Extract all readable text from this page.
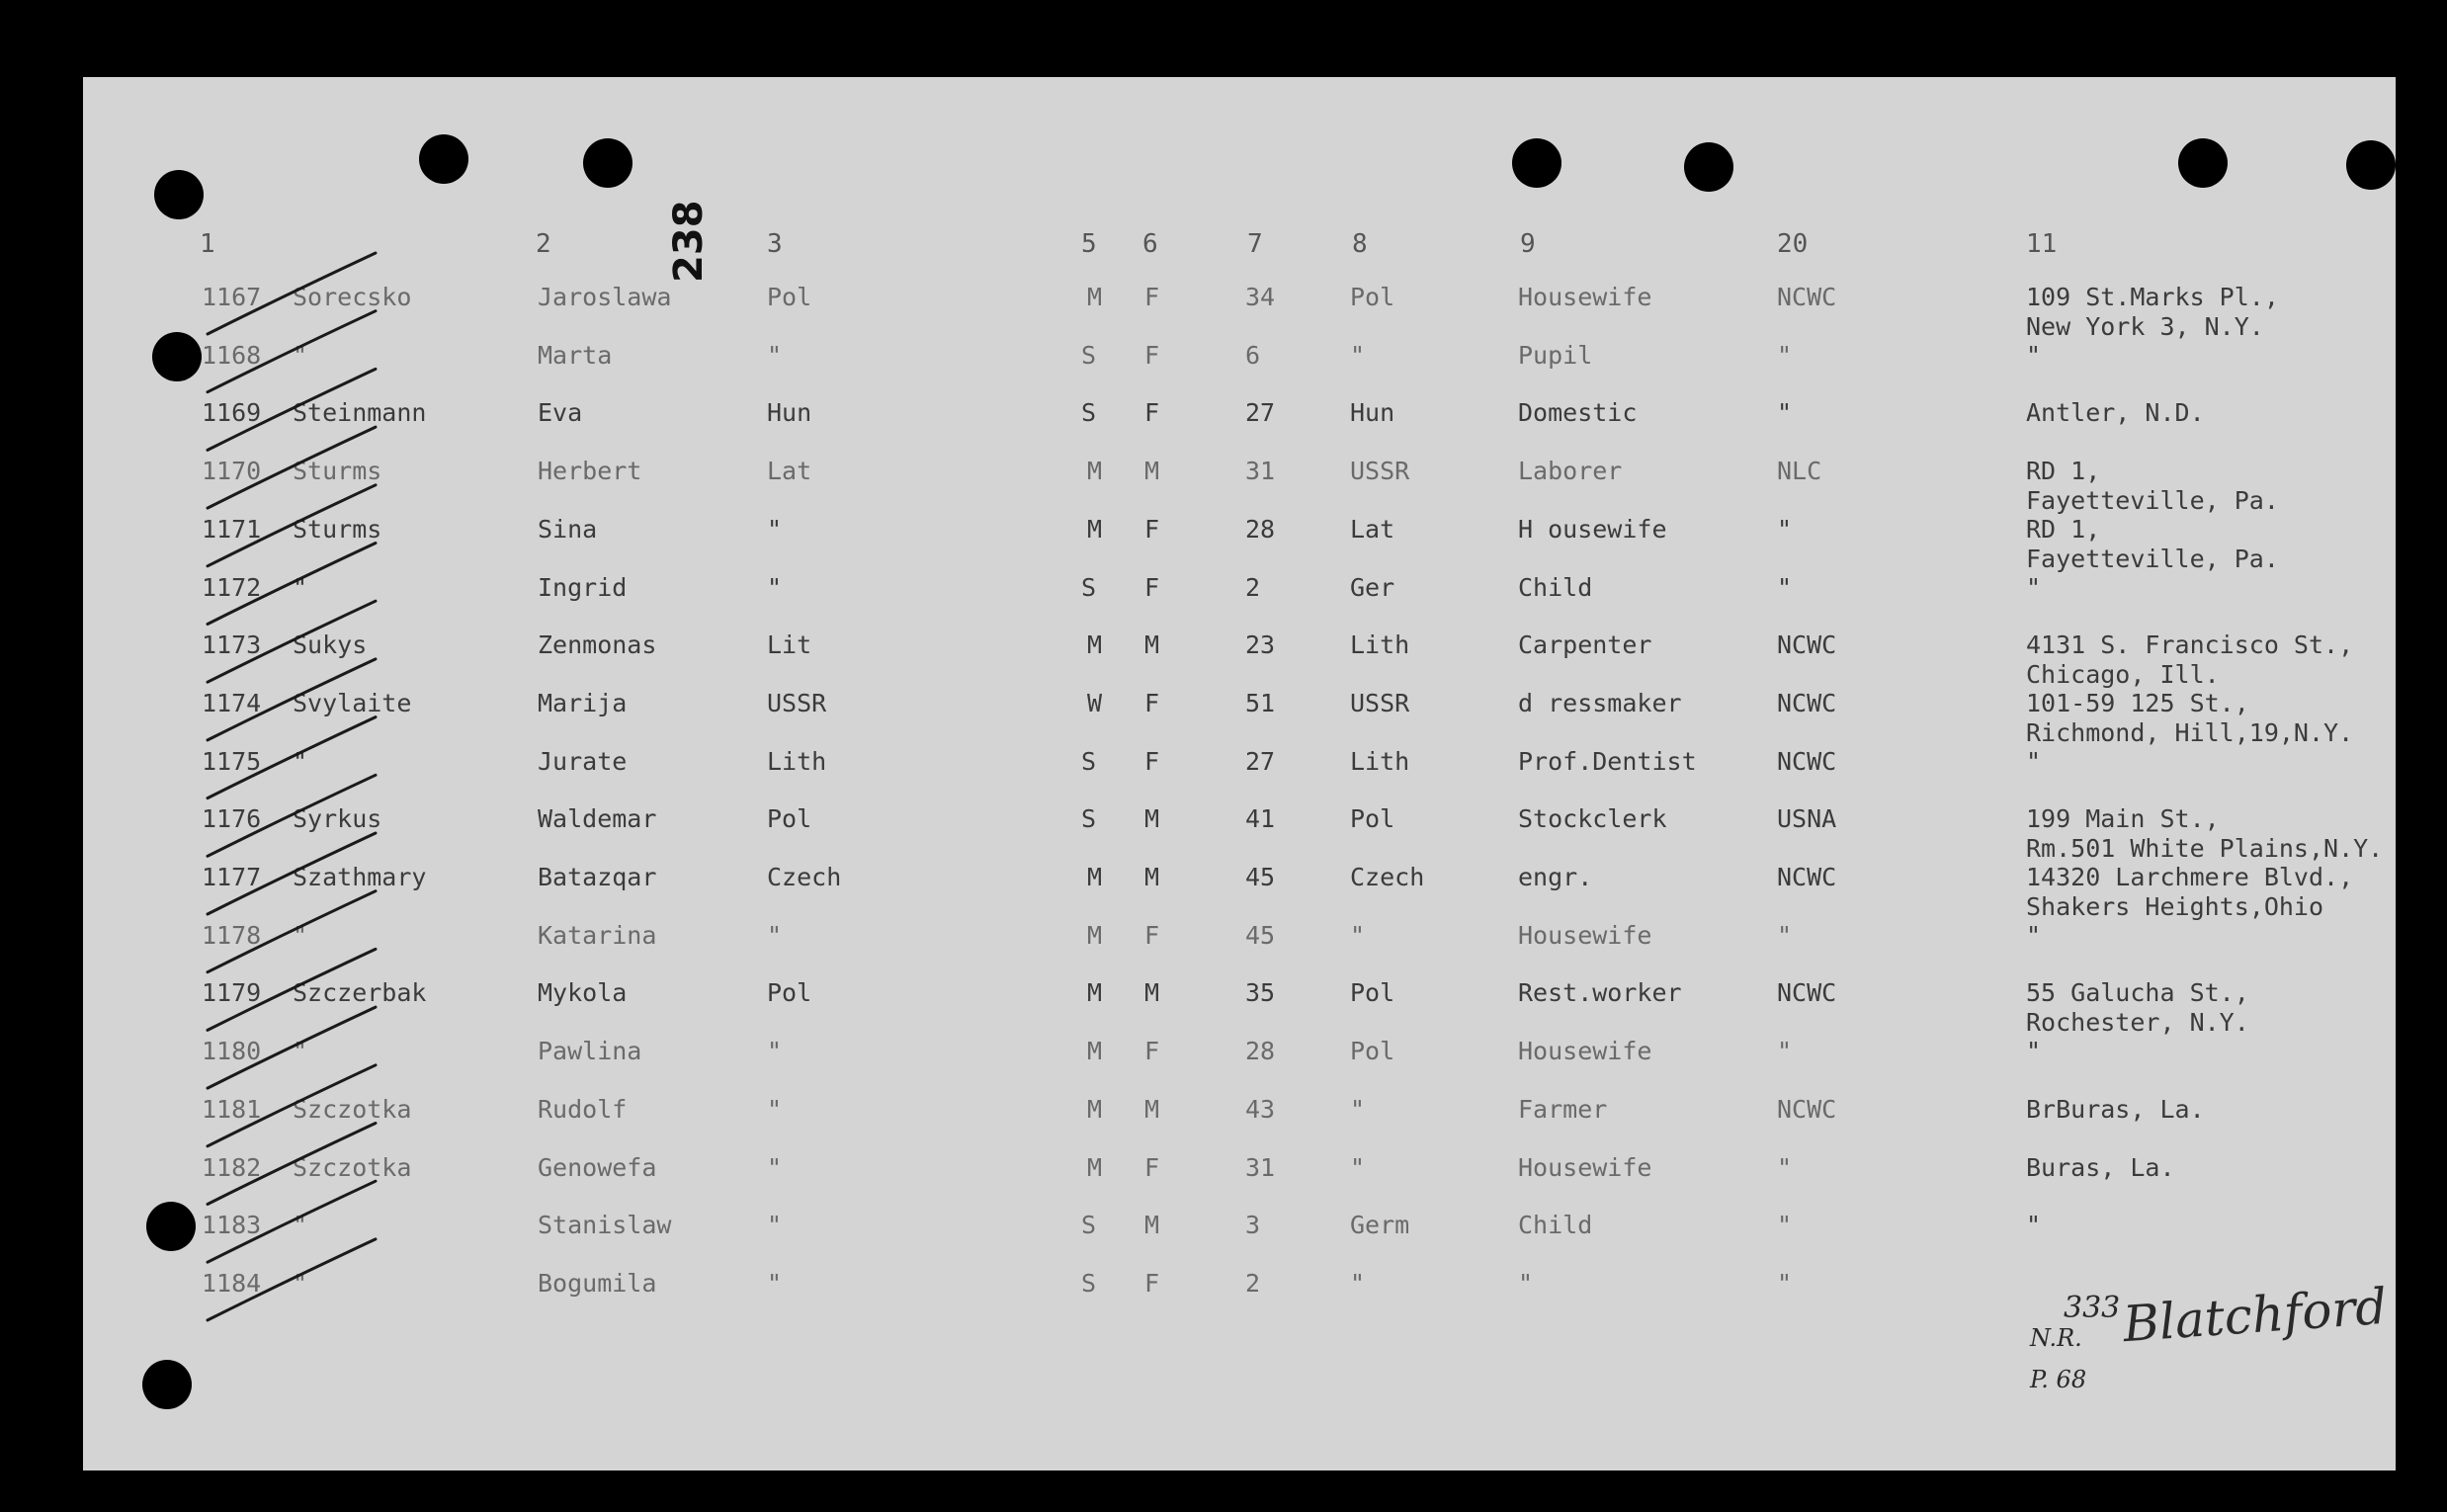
238
1	2	3	5 6	7	8	9	20	11
1167 Sorecsko	Jaroslawa	Pol	M F	34	Pol	Housewife	NCWC	109 St.Marks Pl.,
New York 3, N.Y.
1168 "	Marta	"	S F	6	"	Pupil	"	"
1169 Steinmann	Eva	Hun	S F	27	Hun	Domestic	"	Antler, N.D.
1170 Sturms	Herbert	Lat	M M	31	USSR	Laborer	NLC	RD 1,
Fayetteville, Pa.
1171 Sturms	Sina	"	M F	28	Lat	H ousewife	"	RD 1,
Fayetteville, Pa.
1172 "	Ingrid	"	S F	2	Ger	Child	"	"
1173 Sukys	Zenmonas	Lit	M M	23	Lith	Carpenter	NCWC	4131 S. Francisco St.,
Chicago, Ill.
1174 Svylaite	Marija	USSR	W F	51	USSR	d ressmaker	NCWC	101-59 125 St.,
Richmond, Hill,19,N.Y.
1175 "	Jurate	Lith	S F	27	Lith	Prof.Dentist	NCWC	"
1176 Syrkus	Waldemar	Pol	S M	41	Pol	Stockclerk	USNA	199 Main St.,
Rm.501 White Plains,N.Y.
1177 Szathmary	Batazqar	Czech	M M	45	Czech	engr.	NCWC	14320 Larchmere Blvd.,
Shakers Heights,Ohio
1178 "	Katarina	"	M F	45	"	Housewife	"	"
1179 Szczerbak	Mykola	Pol	M M	35	Pol	Rest.worker	NCWC	55 Galucha St.,
Rochester, N.Y.
1180 "	Pawlina	"	M F	28	Pol	Housewife	"	"
1181 Szczotka	Rudolf	"	M M	43	"	Farmer	NCWC	BrBuras, La.
1182 Szczotka	Genowefa	"	M F	31	"	Housewife	"	Buras, La.
1183 "	Stanislaw	"	S M	3	Germ	Child	"	"
1184 "	Bogumila	"	S F	2	"	"	"
N.R.
333 Blatchford
P. 68
